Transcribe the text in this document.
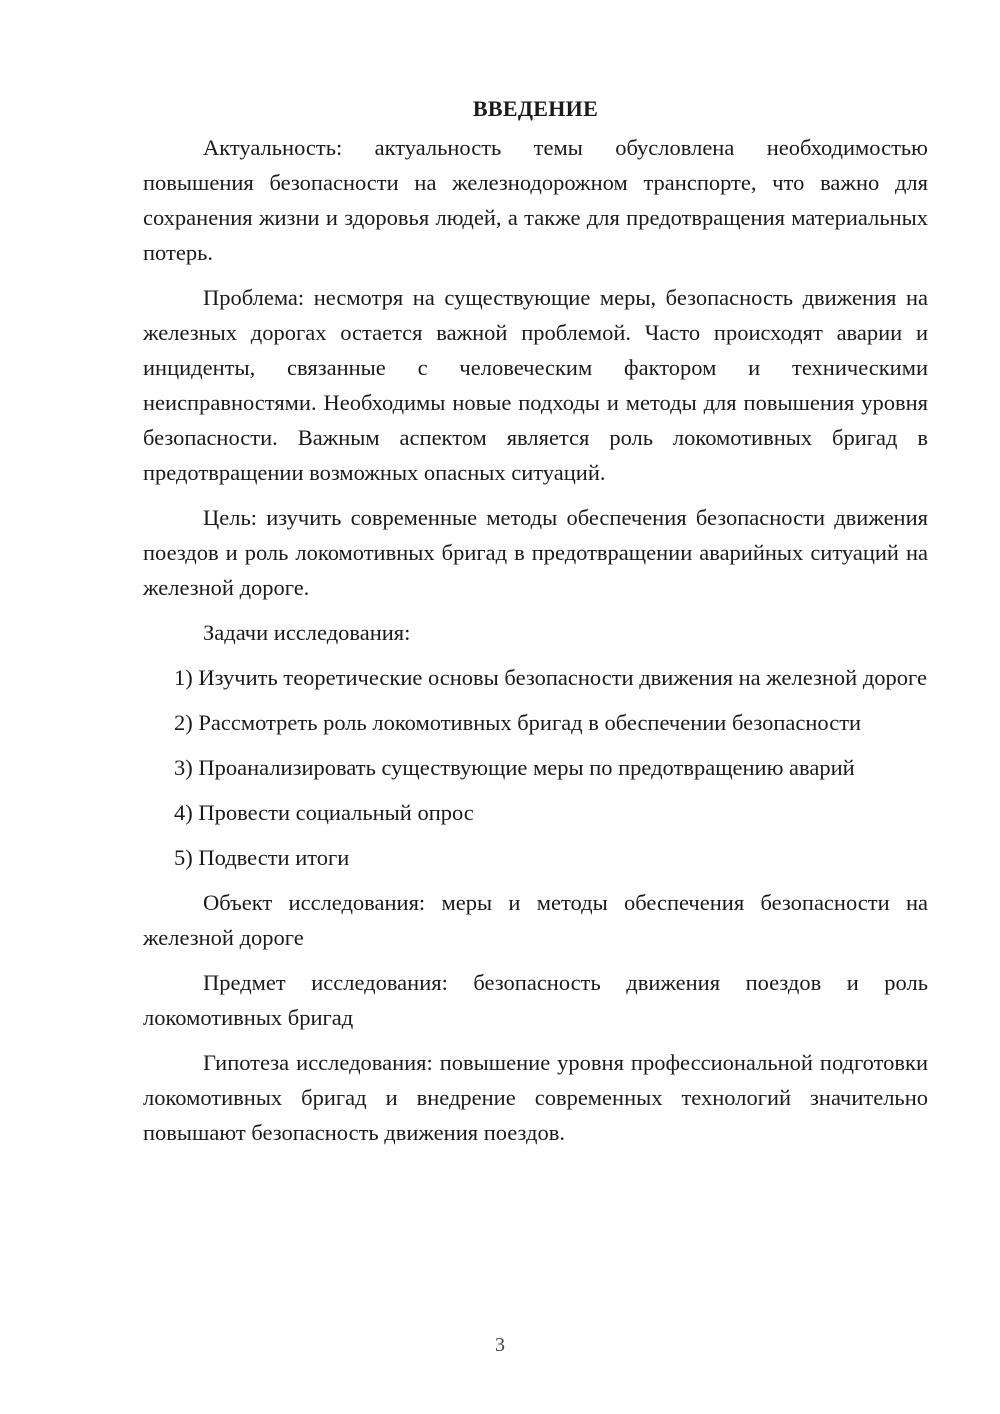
ВВЕДЕНИЕ

Актуальность: актуальность темы обусловлена необходимостью повышения безопасности на железнодорожном транспорте, что важно для сохранения жизни и здоровья людей, а также для предотвращения материальных потерь.

Проблема: несмотря на существующие меры, безопасность движения на железных дорогах остается важной проблемой. Часто происходят аварии и инциденты, связанные с человеческим фактором и техническими неисправностями. Необходимы новые подходы и методы для повышения уровня безопасности. Важным аспектом является роль локомотивных бригад в предотвращении возможных опасных ситуаций.

Цель: изучить современные методы обеспечения безопасности движения поездов и роль локомотивных бригад в предотвращении аварийных ситуаций на железной дороге.

Задачи исследования:

1) Изучить теоретические основы безопасности движения на железной дороге

2) Рассмотреть роль локомотивных бригад в обеспечении безопасности

3) Проанализировать существующие меры по предотвращению аварий

4) Провести социальный опрос

5) Подвести итоги

Объект исследования: меры и методы обеспечения безопасности на железной дороге

Предмет исследования: безопасность движения поездов и роль локомотивных бригад

Гипотеза исследования: повышение уровня профессиональной подготовки локомотивных бригад и внедрение современных технологий значительно повышают безопасность движения поездов.

3
